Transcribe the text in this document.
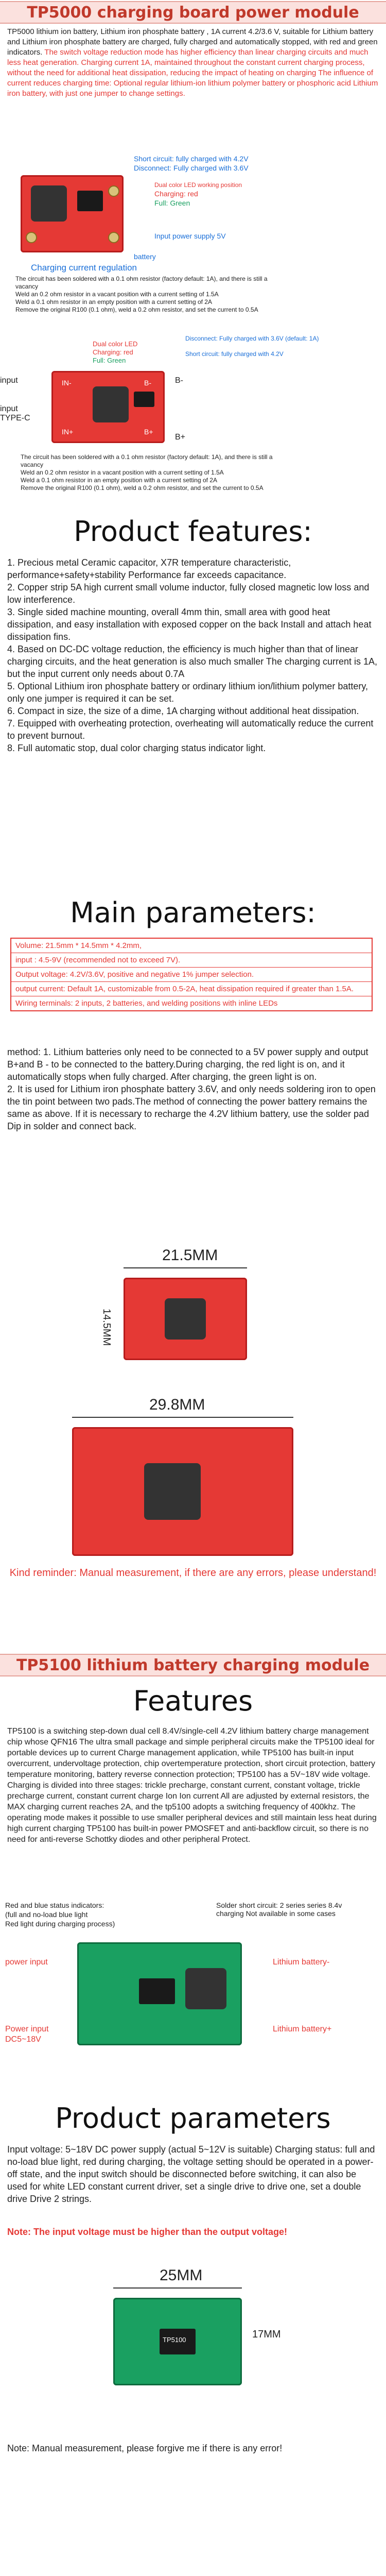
TP5000 charging board power module
TP5000 lithium ion battery, Lithium iron phosphate battery , 1A current 4.2/3.6 V, suitable for Lithium battery and Lithium iron phosphate battery are charged, fully charged and automatically stopped, with red and green indicators. The switch voltage reduction mode has higher efficiency than linear charging circuits and much less heat generation. Charging current 1A, maintained throughout the constant current charging process, without the need for additional heat dissipation, reducing the impact of heating on charging The influence of current reduces charging time: Optional regular lithium-ion lithium polymer battery or phosphoric acid Lithium iron battery, with just one jumper to change settings.
Short circuit: fully charged with 4.2V
Disconnect: Fully charged with 3.6V
Dual color LED working position
Charging: red
Full: Green
Input power supply 5V
battery
Charging current regulation
The circuit has been soldered with a 0.1 ohm resistor (factory default: 1A), and there is still a vacancy
Weld an 0.2 ohm resistor in a vacant position with a current setting of 1.5A
Weld a 0.1 ohm resistor in an empty position with a current setting of 2A
Remove the original R100 (0.1 ohm), weld a 0.2 ohm resistor, and set the current to 0.5A
Dual color LED
Charging: red
Full: Green
Disconnect: Fully charged with 3.6V (default: 1A)
Short circuit: fully charged with 4.2V
IN-
IN+
B-
B+
input
input
TYPE-C
B-
B+
The circuit has been soldered with a 0.1 ohm resistor (factory default: 1A), and there is still a vacancy
Weld an 0.2 ohm resistor in a vacant position with a current setting of 1.5A
Weld a 0.1 ohm resistor in an empty position with a current setting of 2A
Remove the original R100 (0.1 ohm), weld a 0.2 ohm resistor, and set the current to 0.5A
Product features:
1. Precious metal Ceramic capacitor, X7R temperature characteristic, performance+safety+stability Performance far exceeds capacitance.
2. Copper strip 5A high current small volume inductor, fully closed magnetic low loss and low interference.
3. Single sided machine mounting, overall 4mm thin, small area with good heat dissipation, and easy installation with exposed copper on the back Install and attach heat dissipation fins.
4. Based on DC-DC voltage reduction, the efficiency is much higher than that of linear charging circuits, and the heat generation is also much smaller The charging current is 1A, but the input current only needs about 0.7A
5. Optional Lithium iron phosphate battery or ordinary lithium ion/lithium polymer battery, only one jumper is required it can be set.
6. Compact in size, the size of a dime, 1A charging without additional heat dissipation.
7. Equipped with overheating protection, overheating will automatically reduce the current to prevent burnout.
8. Full automatic stop, dual color charging status indicator light.
Main parameters:
Volume: 21.5mm * 14.5mm * 4.2mm,
input : 4.5-9V (recommended not to exceed 7V).
Output voltage: 4.2V/3.6V, positive and negative 1% jumper selection.
output current: Default 1A, customizable from 0.5-2A, heat dissipation required if greater than 1.5A.
Wiring terminals: 2 inputs, 2 batteries, and welding positions with inline LEDs
method: 1. Lithium batteries only need to be connected to a 5V power supply and output B+and B - to be connected to the battery.During charging, the red light is on, and it automatically stops when fully charged. After charging, the green light is on.
2. It is used for Lithium iron phosphate battery 3.6V, and only needs soldering iron to open the tin point between two pads.The method of connecting the power battery remains the same as above. If it is necessary to recharge the 4.2V lithium battery, use the solder pad Dip in solder and connect back.
21.5MM
14.5MM
29.8MM
Kind reminder: Manual measurement, if there are any errors, please understand!
TP5100 lithium battery charging module
Features
TP5100 is a switching step-down dual cell 8.4V/single-cell 4.2V lithium battery charge management chip whose QFN16 The ultra small package and simple peripheral circuits make the TP5100 ideal for portable devices up to current Charge management application, while TP5100 has built-in input overcurrent, undervoltage protection, chip overtemperature protection, short circuit protection, battery temperature monitoring, battery reverse connection protection; TP5100 has a 5V~18V wide voltage. Charging is divided into three stages: trickle precharge, constant current, constant voltage, trickle precharge current, constant current charge Ion Ion current All are adjusted by external resistors, the MAX charging current reaches 2A, and the tp5100 adopts a switching frequency of 400khz. The operating mode makes it possible to use smaller peripheral devices and still maintain less heat during high current charging TP5100 has built-in power PMOSFET and anti-backflow circuit, so there is no need for anti-reverse Schottky diodes and other peripheral Protect.
Red and blue status indicators:
(full and no-load blue light
Red light during charging process)
Solder short circuit: 2 series series 8.4v charging Not available in some cases
power input	Lithium battery-
Lithium battery+
Power input
DC5~18V
Product parameters
Input voltage: 5~18V DC power supply (actual 5~12V is suitable) Charging status: full and no-load blue light, red during charging, the voltage setting should be operated in a power-off state, and the input switch should be disconnected before switching, it can also be used for white LED constant current driver, set a single drive to drive one, set a double drive Drive 2 strings.
Note: The input voltage must be higher than the output voltage!
25MM
TP5100	17MM
Note: Manual measurement, please forgive me if there is any error!
